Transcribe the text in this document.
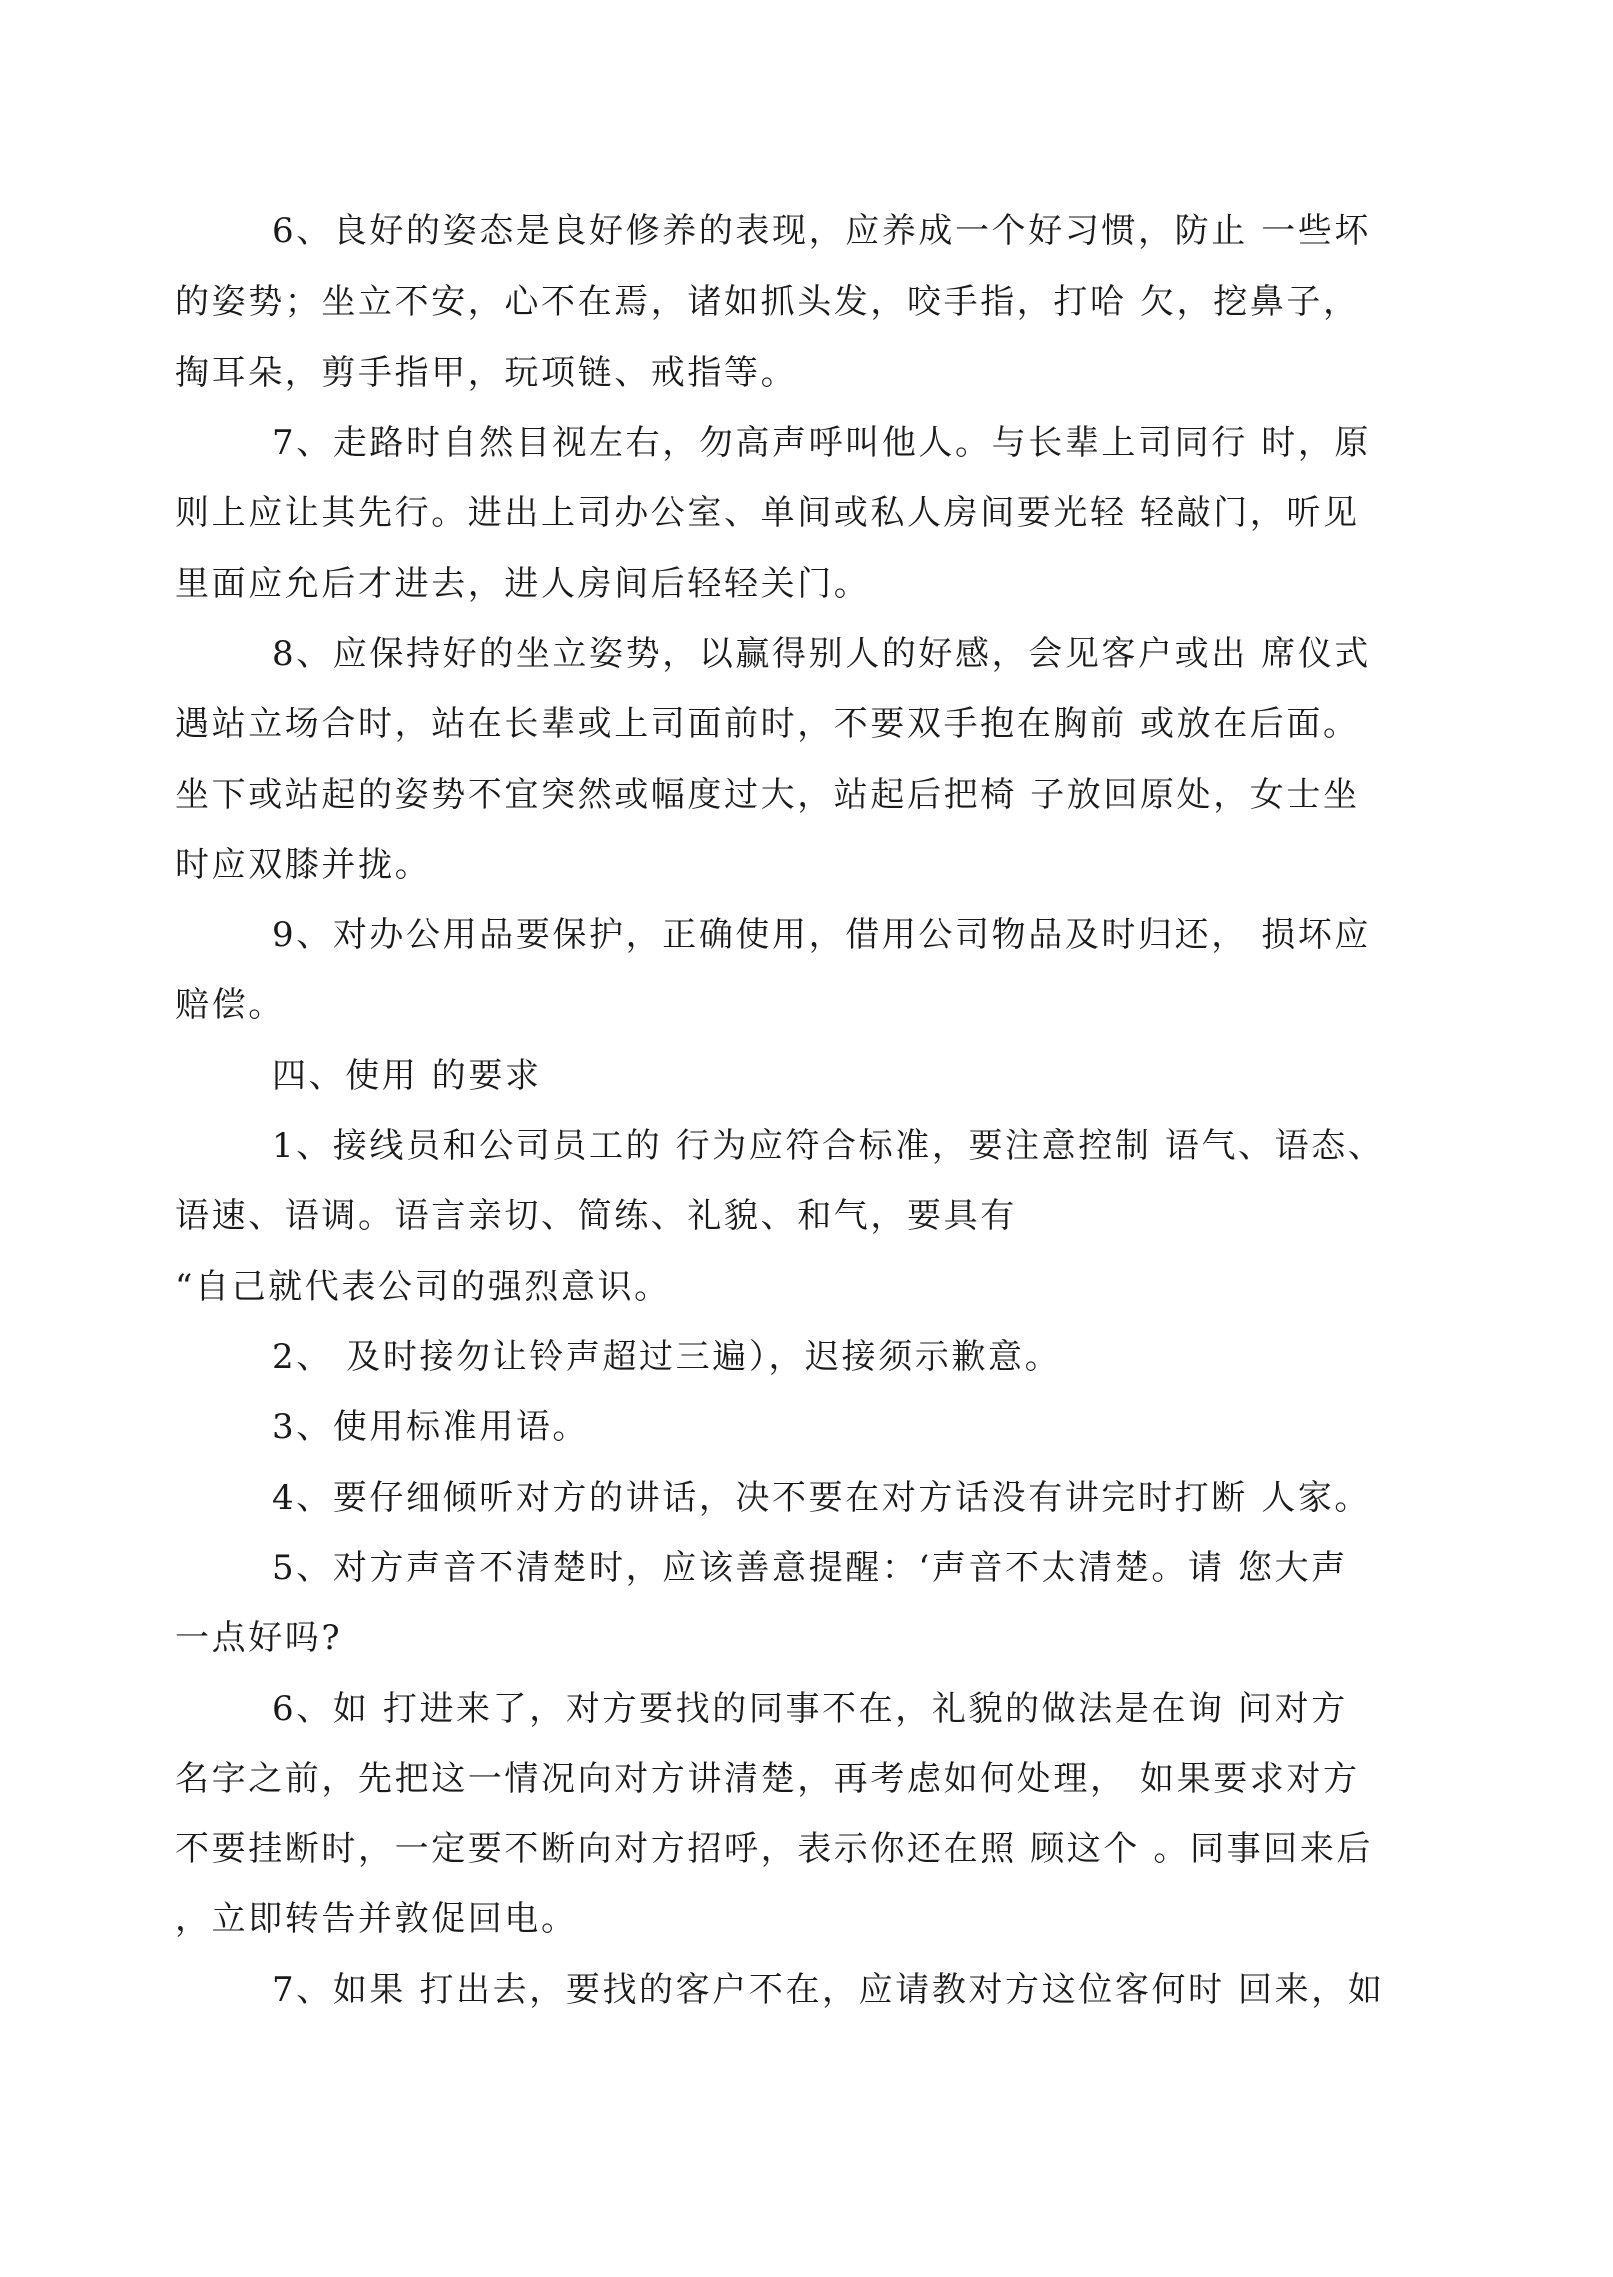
6、良好的姿态是良好修养的表现，应养成一个好习惯，防止 一些坏

的姿势；坐立不安，心不在焉，诸如抓头发，咬手指，打哈 欠，挖鼻子，

掏耳朵，剪手指甲，玩项链、戒指等。

7、走路时自然目视左右，勿高声呼叫他人。与长辈上司同行 时，原

则上应让其先行。进出上司办公室、单间或私人房间要光轻 轻敲门，听见

里面应允后才进去，进人房间后轻轻关门。

8、应保持好的坐立姿势，以赢得别人的好感，会见客户或出 席仪式

遇站立场合时，站在长辈或上司面前时，不要双手抱在胸前 或放在后面。

坐下或站起的姿势不宜突然或幅度过大，站起后把椅 子放回原处，女士坐

时应双膝并拢。

9、对办公用品要保护，正确使用，借用公司物品及时归还， 损坏应

赔偿。

四、使用 的要求

1、接线员和公司员工的 行为应符合标准，要注意控制 语气、语态、

语速、语调。语言亲切、简练、礼貌、和气，要具有

“自己就代表公司的强烈意识。

2、 及时接勿让铃声超过三遍），迟接须示歉意。

3、使用标准用语。

4、要仔细倾听对方的讲话，决不要在对方话没有讲完时打断 人家。

5、对方声音不清楚时，应该善意提醒：‘声音不太清楚。请 您大声

一点好吗?

6、如 打进来了，对方要找的同事不在，礼貌的做法是在询 问对方

名字之前，先把这一情况向对方讲清楚，再考虑如何处理， 如果要求对方

不要挂断时，一定要不断向对方招呼，表示你还在照 顾这个 。同事回来后

，立即转告并敦促回电。

7、如果 打出去，要找的客户不在，应请教对方这位客何时 回来，如
